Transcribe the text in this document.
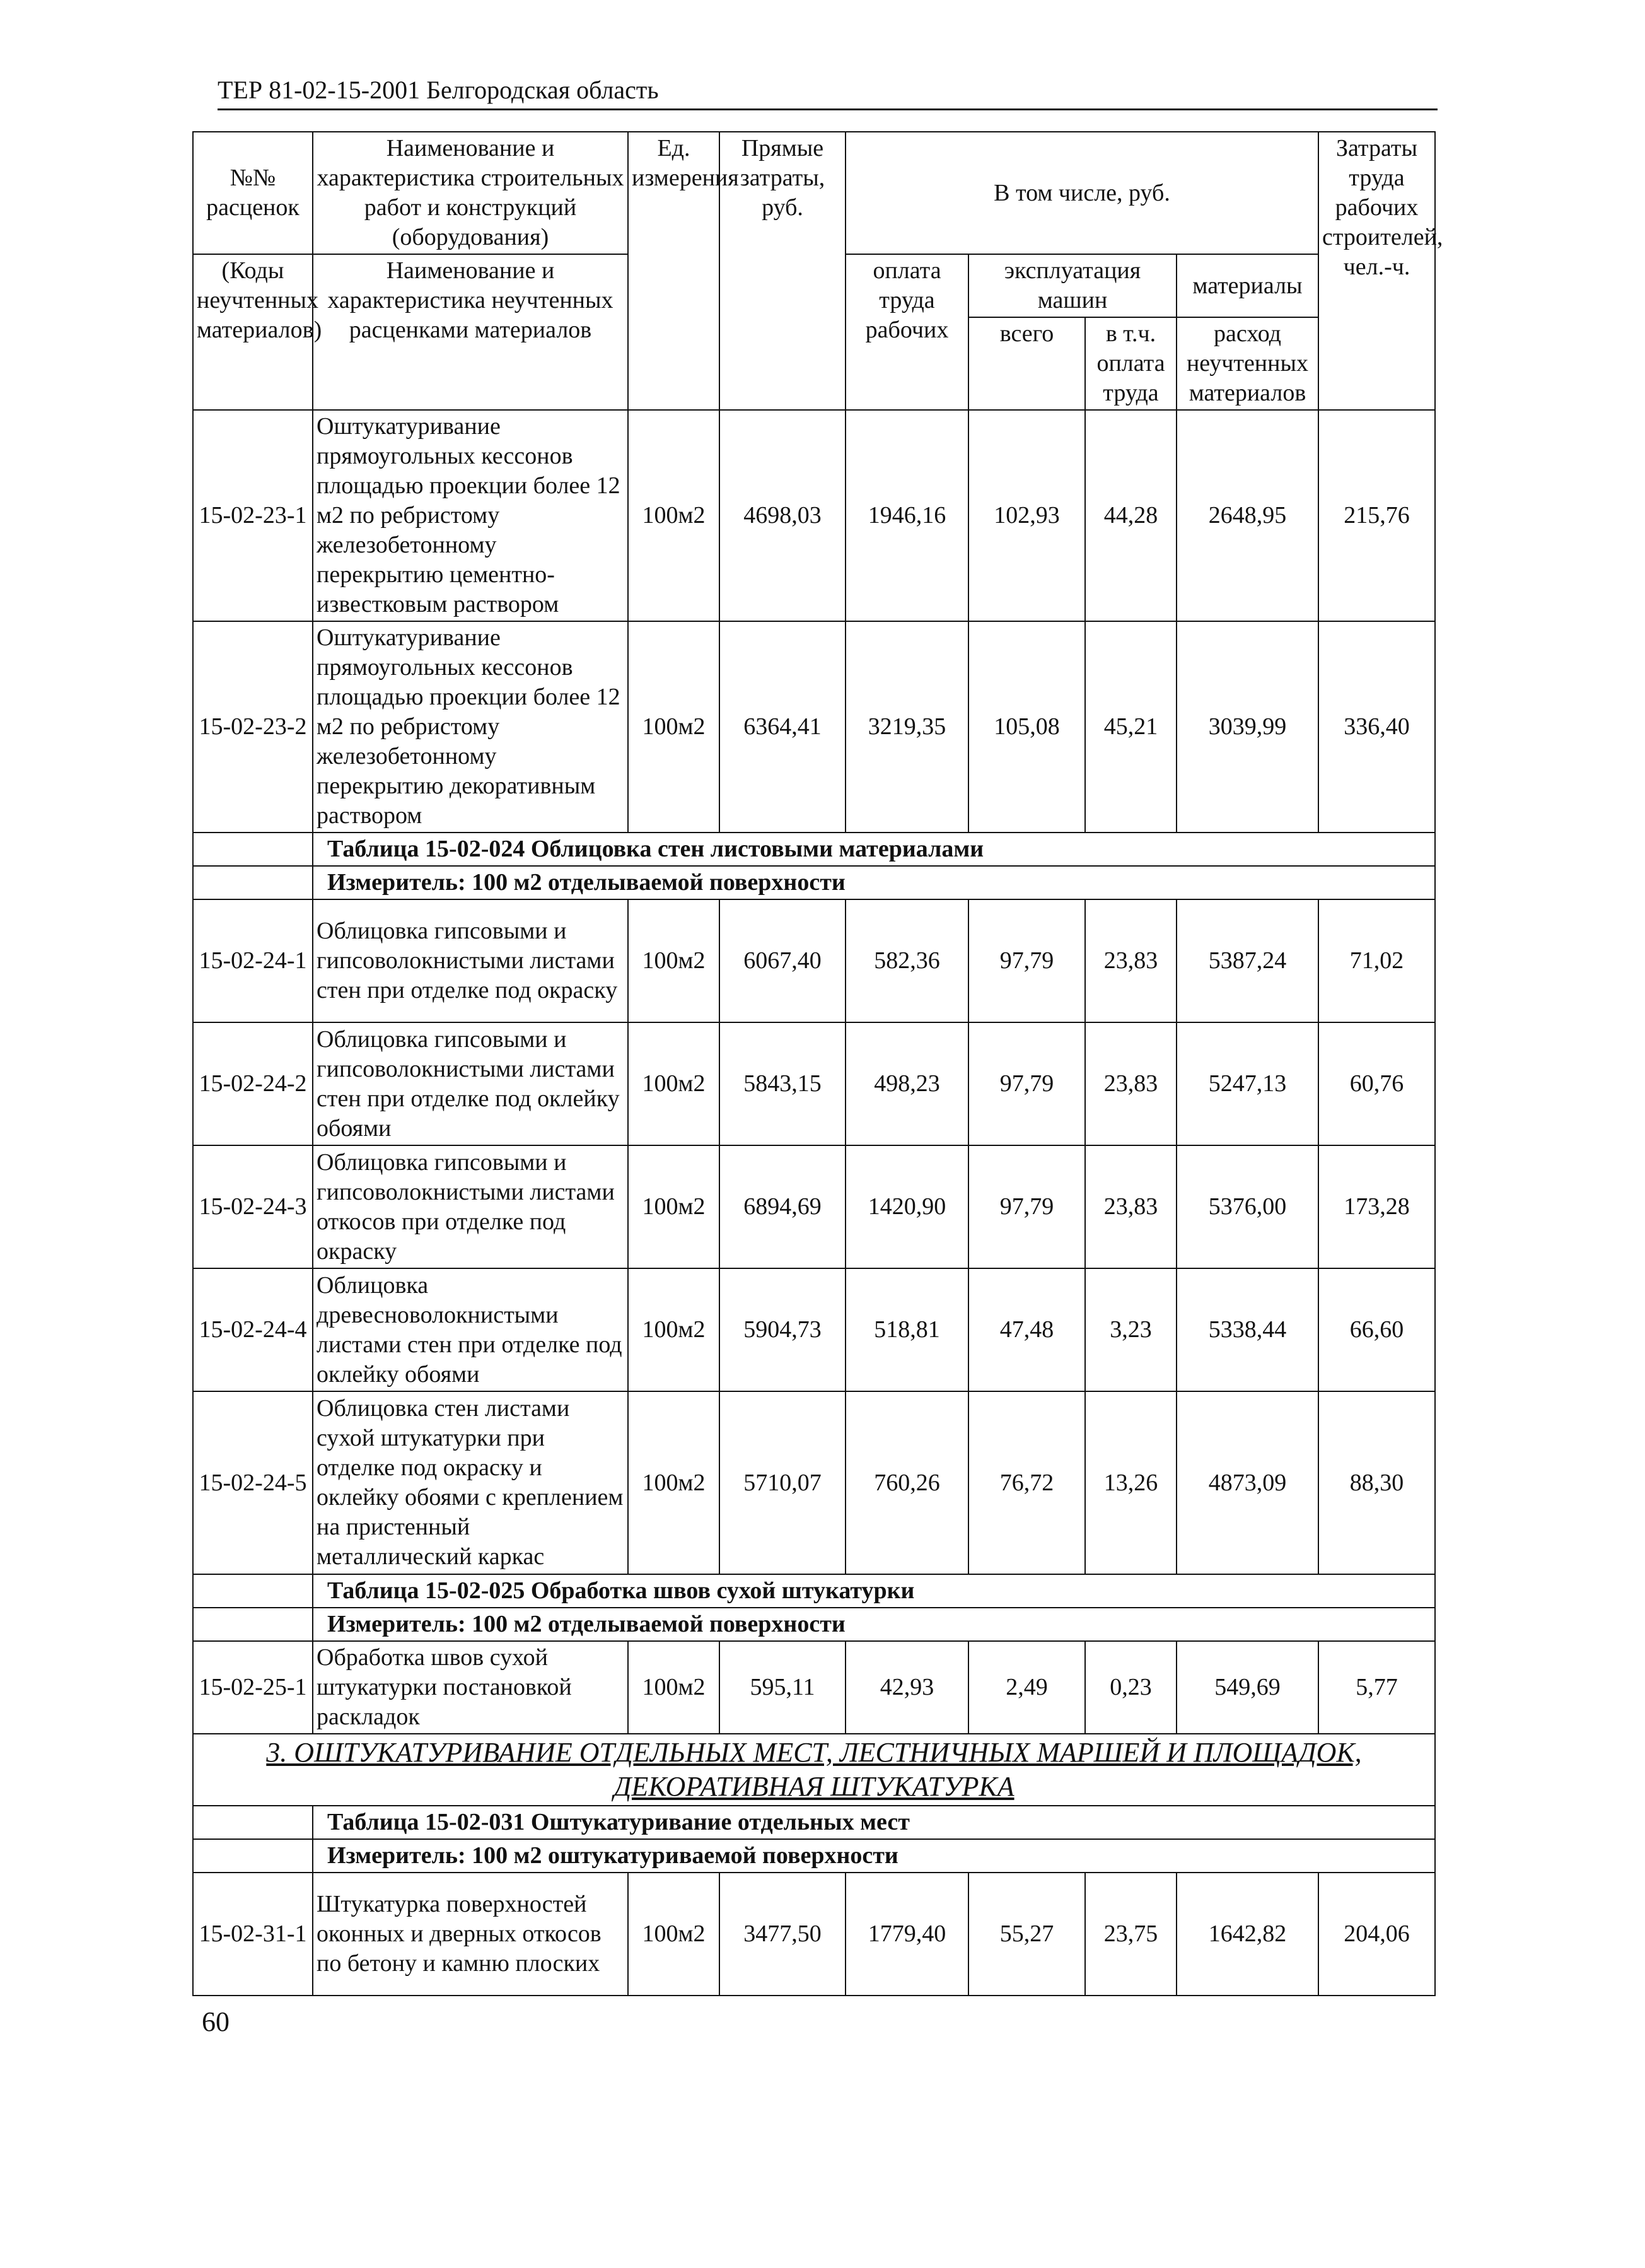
ТЕР 81-02-15-2001 Белгородская область
№№ расценок	Наименование и характеристика строительных работ и конструкций (оборудования)	Ед. измерения	Прямые затраты, руб.	В том числе, руб.				Затраты труда рабочих строителей, чел.-ч.
(Коды неучтенных материалов)	Наименование и характеристика неучтенных расценками материалов			оплата труда рабочих	эксплуатация машин		материалы	
					всего	в т.ч. оплата труда	расход неучтенных материалов	
15-02-23-1	Оштукатуривание прямоугольных кессонов площадью проекции более 12 м2 по ребристому железобетонному перекрытию цементно-известковым раствором	100м2	4698,03	1946,16	102,93	44,28	2648,95	215,76
15-02-23-2	Оштукатуривание прямоугольных кессонов площадью проекции более 12 м2 по ребристому железобетонному перекрытию декоративным раствором	100м2	6364,41	3219,35	105,08	45,21	3039,99	336,40
	Таблица 15-02-024 Облицовка стен листовыми материалами							
	Измеритель: 100 м2 отделываемой поверхности							
15-02-24-1	Облицовка гипсовыми и гипсоволокнистыми листами стен при отделке под окраску	100м2	6067,40	582,36	97,79	23,83	5387,24	71,02
15-02-24-2	Облицовка гипсовыми и гипсоволокнистыми листами стен при отделке под оклейку обоями	100м2	5843,15	498,23	97,79	23,83	5247,13	60,76
15-02-24-3	Облицовка гипсовыми и гипсоволокнистыми листами откосов при отделке под окраску	100м2	6894,69	1420,90	97,79	23,83	5376,00	173,28
15-02-24-4	Облицовка древесноволокнистыми листами стен при отделке под оклейку обоями	100м2	5904,73	518,81	47,48	3,23	5338,44	66,60
15-02-24-5	Облицовка стен листами сухой штукатурки при отделке под окраску и оклейку обоями с креплением на пристенный металлический каркас	100м2	5710,07	760,26	76,72	13,26	4873,09	88,30
	Таблица 15-02-025 Обработка швов сухой штукатурки							
	Измеритель: 100 м2 отделываемой поверхности							
15-02-25-1	Обработка швов сухой штукатурки постановкой раскладок	100м2	595,11	42,93	2,49	0,23	549,69	5,77
3. ОШТУКАТУРИВАНИЕ ОТДЕЛЬНЫХ МЕСТ, ЛЕСТНИЧНЫХ МАРШЕЙ И ПЛОЩАДОК, ДЕКОРАТИВНАЯ ШТУКАТУРКА								
	Таблица 15-02-031 Оштукатуривание отдельных мест							
	Измеритель: 100 м2 оштукатуриваемой поверхности							
15-02-31-1	Штукатурка поверхностей оконных и дверных откосов по бетону и камню плоских	100м2	3477,50	1779,40	55,27	23,75	1642,82	204,06
60
